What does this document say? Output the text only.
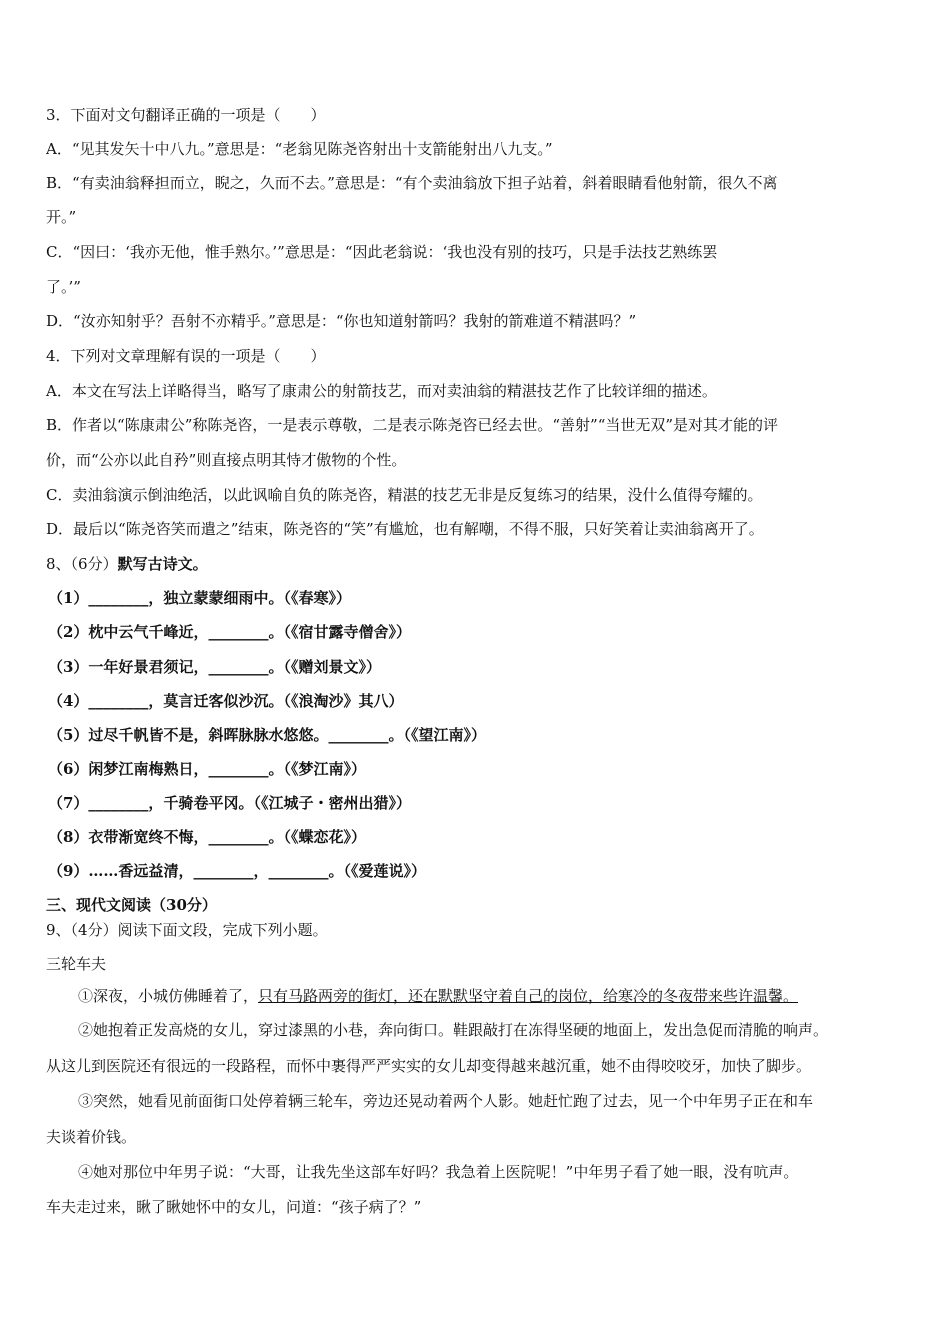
3．下面对文句翻译正确的一项是（　　）

A．“见其发矢十中八九。”意思是：“老翁见陈尧咨射出十支箭能射出八九支。”

B．“有卖油翁释担而立，睨之，久而不去。”意思是：“有个卖油翁放下担子站着，斜着眼睛看他射箭，很久不离

开。”

C．“因曰：‘我亦无他，惟手熟尔。’”意思是：“因此老翁说：‘我也没有别的技巧，只是手法技艺熟练罢

了。’”

D．“汝亦知射乎？吾射不亦精乎。”意思是：“你也知道射箭吗？我射的箭难道不精湛吗？”

4．下列对文章理解有误的一项是（　　）

A．本文在写法上详略得当，略写了康肃公的射箭技艺，而对卖油翁的精湛技艺作了比较详细的描述。

B．作者以“陈康肃公”称陈尧咨，一是表示尊敬，二是表示陈尧咨已经去世。“善射”“当世无双”是对其才能的评

价，而“公亦以此自矜”则直接点明其恃才傲物的个性。

C．卖油翁演示倒油绝活，以此讽喻自负的陈尧咨，精湛的技艺无非是反复练习的结果，没什么值得夸耀的。

D．最后以“陈尧咨笑而遣之”结束，陈尧咨的“笑”有尴尬，也有解嘲，不得不服，只好笑着让卖油翁离开了。

8、（6分）默写古诗文。

（1）________，独立蒙蒙细雨中。（《春寒》）

（2）枕中云气千峰近，________。（《宿甘露寺僧舍》）

（3）一年好景君须记，________。（《赠刘景文》）

（4）________，莫言迁客似沙沉。（《浪淘沙》其八）

（5）过尽千帆皆不是，斜晖脉脉水悠悠。________。（《望江南》）

（6）闲梦江南梅熟日，________。（《梦江南》）

（7）________，千骑卷平冈。（《江城子・密州出猎》）

（8）衣带渐宽终不悔，________。（《蝶恋花》）

（9）……香远益清，________，________。（《爱莲说》）

三、现代文阅读（30分）

9、（4分）阅读下面文段，完成下列小题。

三轮车夫

①深夜，小城仿佛睡着了，只有马路两旁的街灯，还在默默坚守着自己的岗位，给寒冷的冬夜带来些许温馨。

②她抱着正发高烧的女儿，穿过漆黑的小巷，奔向街口。鞋跟敲打在冻得坚硬的地面上，发出急促而清脆的响声。

从这儿到医院还有很远的一段路程，而怀中裹得严严实实的女儿却变得越来越沉重，她不由得咬咬牙，加快了脚步。

③突然，她看见前面街口处停着辆三轮车，旁边还晃动着两个人影。她赶忙跑了过去，见一个中年男子正在和车

夫谈着价钱。

④她对那位中年男子说：“大哥，让我先坐这部车好吗？我急着上医院呢！”中年男子看了她一眼，没有吭声。

车夫走过来，瞅了瞅她怀中的女儿，问道：“孩子病了？”
